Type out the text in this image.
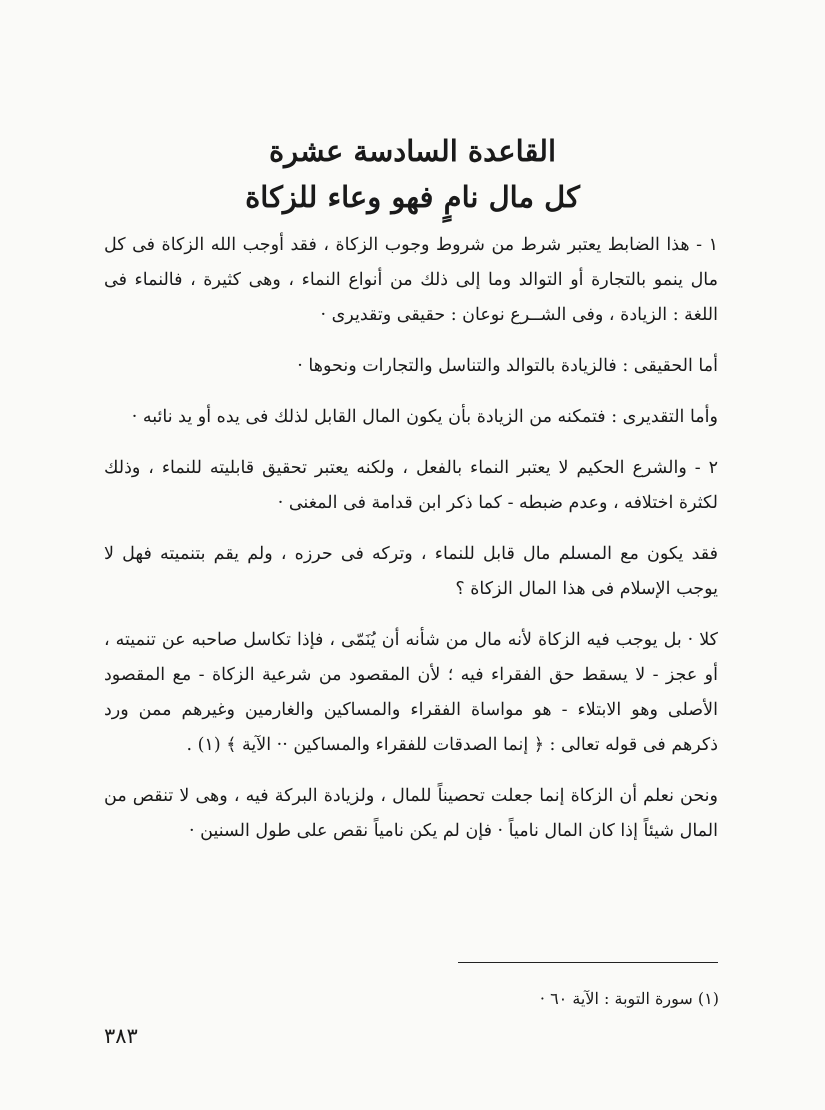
القاعدة السادسة عشرة
كل مال نامٍ فهو وعاء للزكاة

١ - هذا الضابط يعتبر شرط من شروط وجوب الزكاة ، فقد أوجب الله الزكاة فى كل مال ينمو بالتجارة أو التوالد وما إلى ذلك من أنواع النماء ، وهى كثيرة ، فالنماء فى اللغة : الزيادة ، وفى الشــرع نوعان : حقيقى وتقديرى ·

أما الحقيقى : فالزيادة بالتوالد والتناسل والتجارات ونحوها ·

وأما التقديرى : فتمكنه من الزيادة بأن يكون المال القابل لذلك فى يده أو يد نائبه ·

٢ - والشرع الحكيم لا يعتبر النماء بالفعل ، ولكنه يعتبر تحقيق قابليته للنماء ، وذلك لكثرة اختلافه ، وعدم ضبطه - كما ذكر ابن قدامة فى المغنى ·

فقد يكون مع المسلم مال قابل للنماء ، وتركه فى حرزه ، ولم يقم بتنميته فهل لا يوجب الإسلام فى هذا المال الزكاة ؟

كلا · بل يوجب فيه الزكاة لأنه مال من شأنه أن يُنَمّى ، فإذا تكاسل صاحبه عن تنميته ، أو عجز - لا يسقط حق الفقراء فيه ؛ لأن المقصود من شرعية الزكاة - مع المقصود الأصلى وهو الابتلاء - هو مواساة الفقراء والمساكين والغارمين وغيرهم ممن ورد ذكرهم فى قوله تعالى : ﴿ إنما الصدقات للفقراء والمساكين ·· الآية ﴾ (١) .

ونحن نعلم أن الزكاة إنما جعلت تحصيناً للمال ، ولزيادة البركة فيه ، وهى لا تنقص من المال شيئاً إذا كان المال نامياً · فإن لم يكن نامياً نقص على طول السنين ·

(١) سورة التوبة : الآية ٦٠ ·
٣٨٣
